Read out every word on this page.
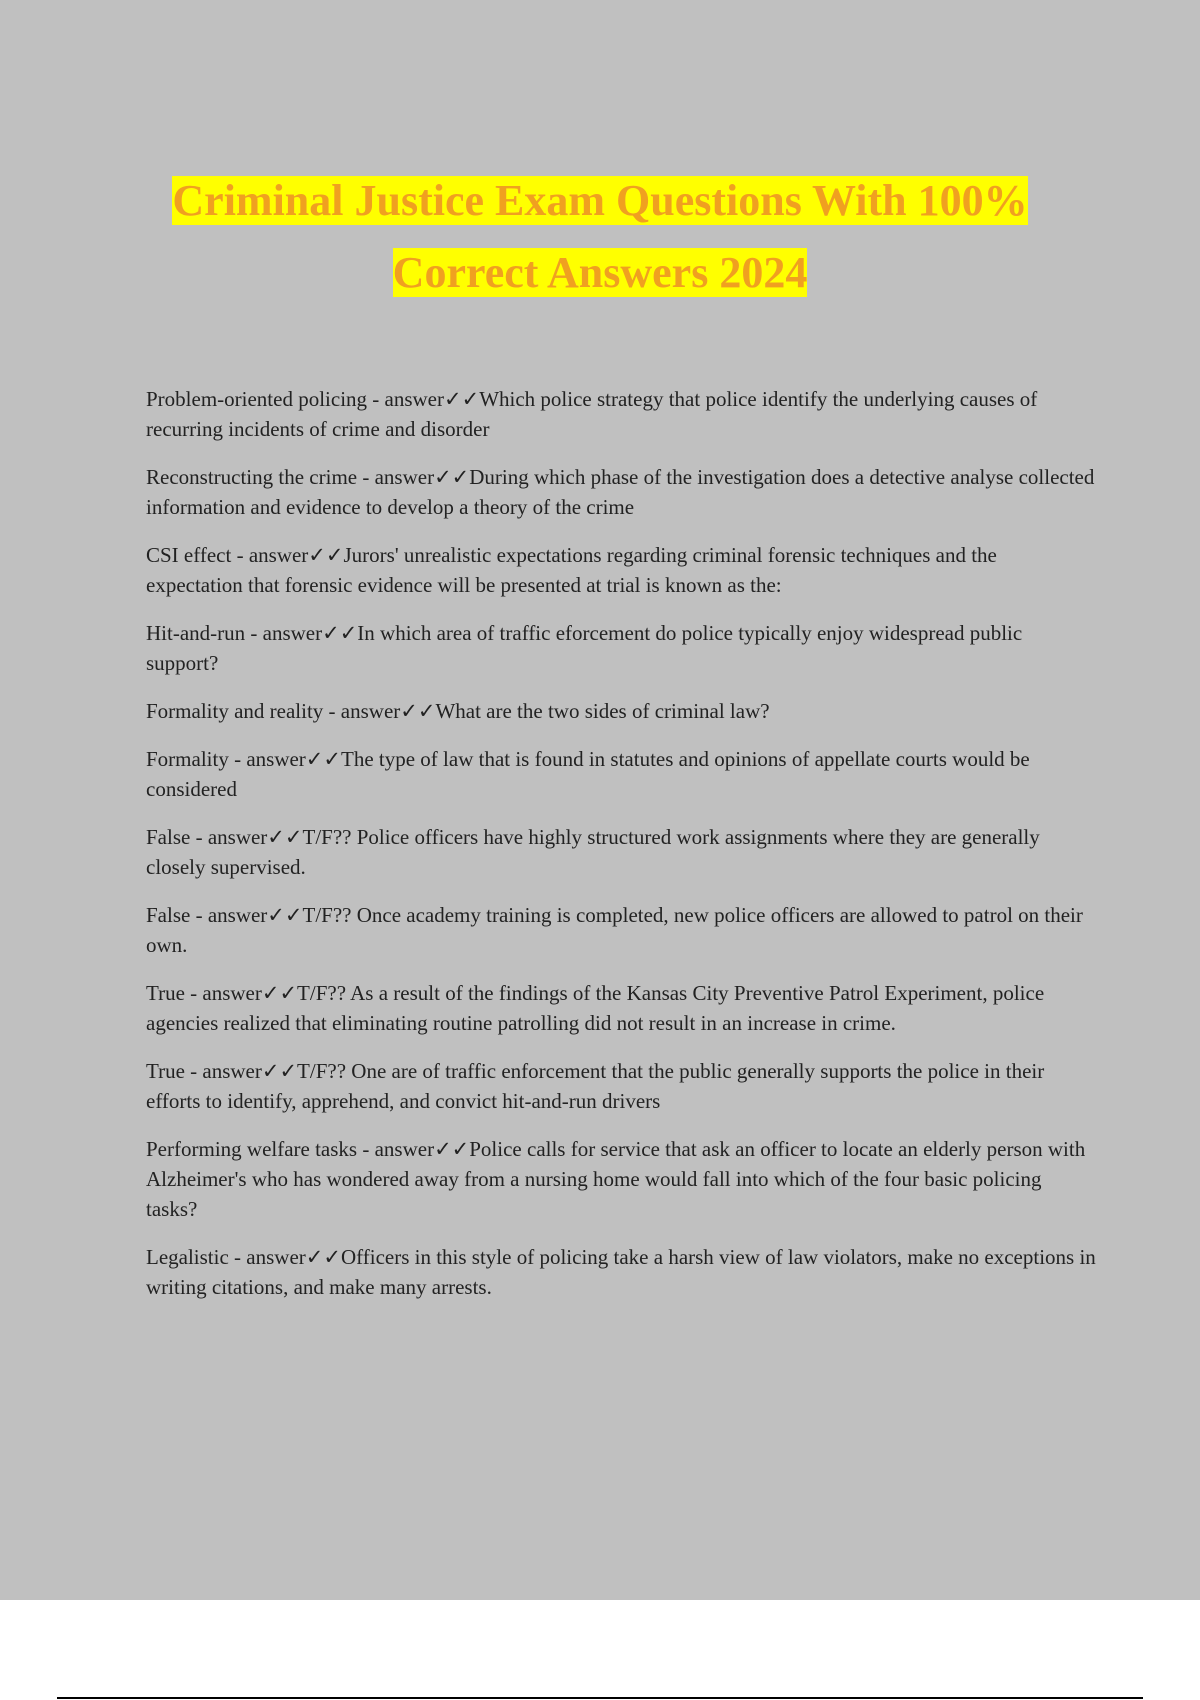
Criminal Justice Exam Questions With 100%
Correct Answers 2024

Problem-oriented policing - answer✓✓Which police strategy that police identify the underlying causes of recurring incidents of crime and disorder

Reconstructing the crime - answer✓✓During which phase of the investigation does a detective analyse collected information and evidence to develop a theory of the crime

CSI effect - answer✓✓Jurors' unrealistic expectations regarding criminal forensic techniques and the expectation that forensic evidence will be presented at trial is known as the:

Hit-and-run - answer✓✓In which area of traffic eforcement do police typically enjoy widespread public support?

Formality and reality - answer✓✓What are the two sides of criminal law?

Formality - answer✓✓The type of law that is found in statutes and opinions of appellate courts would be considered

False - answer✓✓T/F?? Police officers have highly structured work assignments where they are generally closely supervised.

False - answer✓✓T/F?? Once academy training is completed, new police officers are allowed to patrol on their own.

True - answer✓✓T/F?? As a result of the findings of the Kansas City Preventive Patrol Experiment, police agencies realized that eliminating routine patrolling did not result in an increase in crime.

True - answer✓✓T/F?? One are of traffic enforcement that the public generally supports the police in their efforts to identify, apprehend, and convict hit-and-run drivers

Performing welfare tasks - answer✓✓Police calls for service that ask an officer to locate an elderly person with Alzheimer's who has wondered away from a nursing home would fall into which of the four basic policing tasks?

Legalistic - answer✓✓Officers in this style of policing take a harsh view of law violators, make no exceptions in writing citations, and make many arrests.
